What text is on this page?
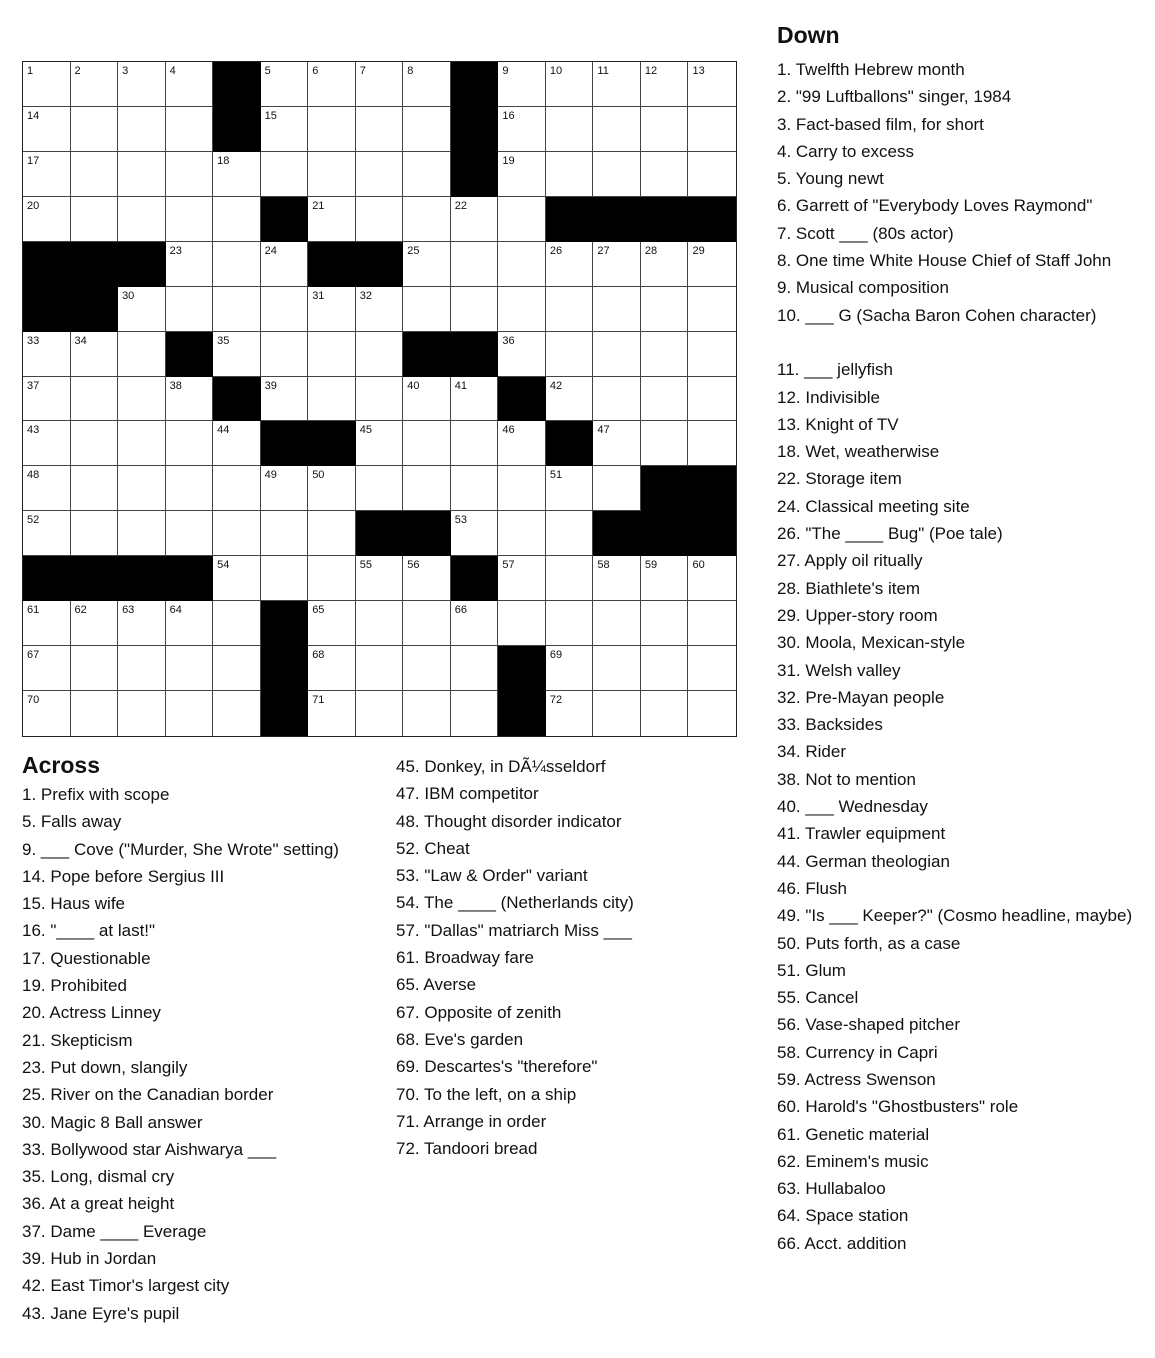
1	2	3	4	5	6	7	8	9	10	11	12	13
14	15	16
17	18	19
20	21	22
23	24	25	26	27	28	29
30	31	32
33	34	35	36
37	38	39	40	41	42
43	44	45	46	47
48	49	50	51
52	53
54	55	56	57	58	59	60
61	62	63	64	65	66
67	68	69
70	71	72
Across
1. Prefix with scope
5. Falls away
9. ___ Cove ("Murder, She Wrote" setting)
14. Pope before Sergius III
15. Haus wife
16. "____ at last!"
17. Questionable
19. Prohibited
20. Actress Linney
21. Skepticism
23. Put down, slangily
25. River on the Canadian border
30. Magic 8 Ball answer
33. Bollywood star Aishwarya ___
35. Long, dismal cry
36. At a great height
37. Dame ____ Everage
39. Hub in Jordan
42. East Timor's largest city
43. Jane Eyre's pupil
45. Donkey, in DÃ¼sseldorf
47. IBM competitor
48. Thought disorder indicator
52. Cheat
53. "Law & Order" variant
54. The ____ (Netherlands city)
57. "Dallas" matriarch Miss ___
61. Broadway fare
65. Averse
67. Opposite of zenith
68. Eve's garden
69. Descartes's "therefore"
70. To the left, on a ship
71. Arrange in order
72. Tandoori bread
Down
1. Twelfth Hebrew month
2. "99 Luftballons" singer, 1984
3. Fact-based film, for short
4. Carry to excess
5. Young newt
6. Garrett of "Everybody Loves Raymond"
7. Scott ___ (80s actor)
8. One time White House Chief of Staff John
9. Musical composition
10. ___ G (Sacha Baron Cohen character)

11. ___ jellyfish
12. Indivisible
13. Knight of TV
18. Wet, weatherwise
22. Storage item
24. Classical meeting site
26. "The ____ Bug" (Poe tale)
27. Apply oil ritually
28. Biathlete's item
29. Upper-story room
30. Moola, Mexican-style
31. Welsh valley
32. Pre-Mayan people
33. Backsides
34. Rider
38. Not to mention
40. ___ Wednesday
41. Trawler equipment
44. German theologian
46. Flush
49. "Is ___ Keeper?" (Cosmo headline, maybe)
50. Puts forth, as a case
51. Glum
55. Cancel
56. Vase-shaped pitcher
58. Currency in Capri
59. Actress Swenson
60. Harold's "Ghostbusters" role
61. Genetic material
62. Eminem's music
63. Hullabaloo
64. Space station
66. Acct. addition
